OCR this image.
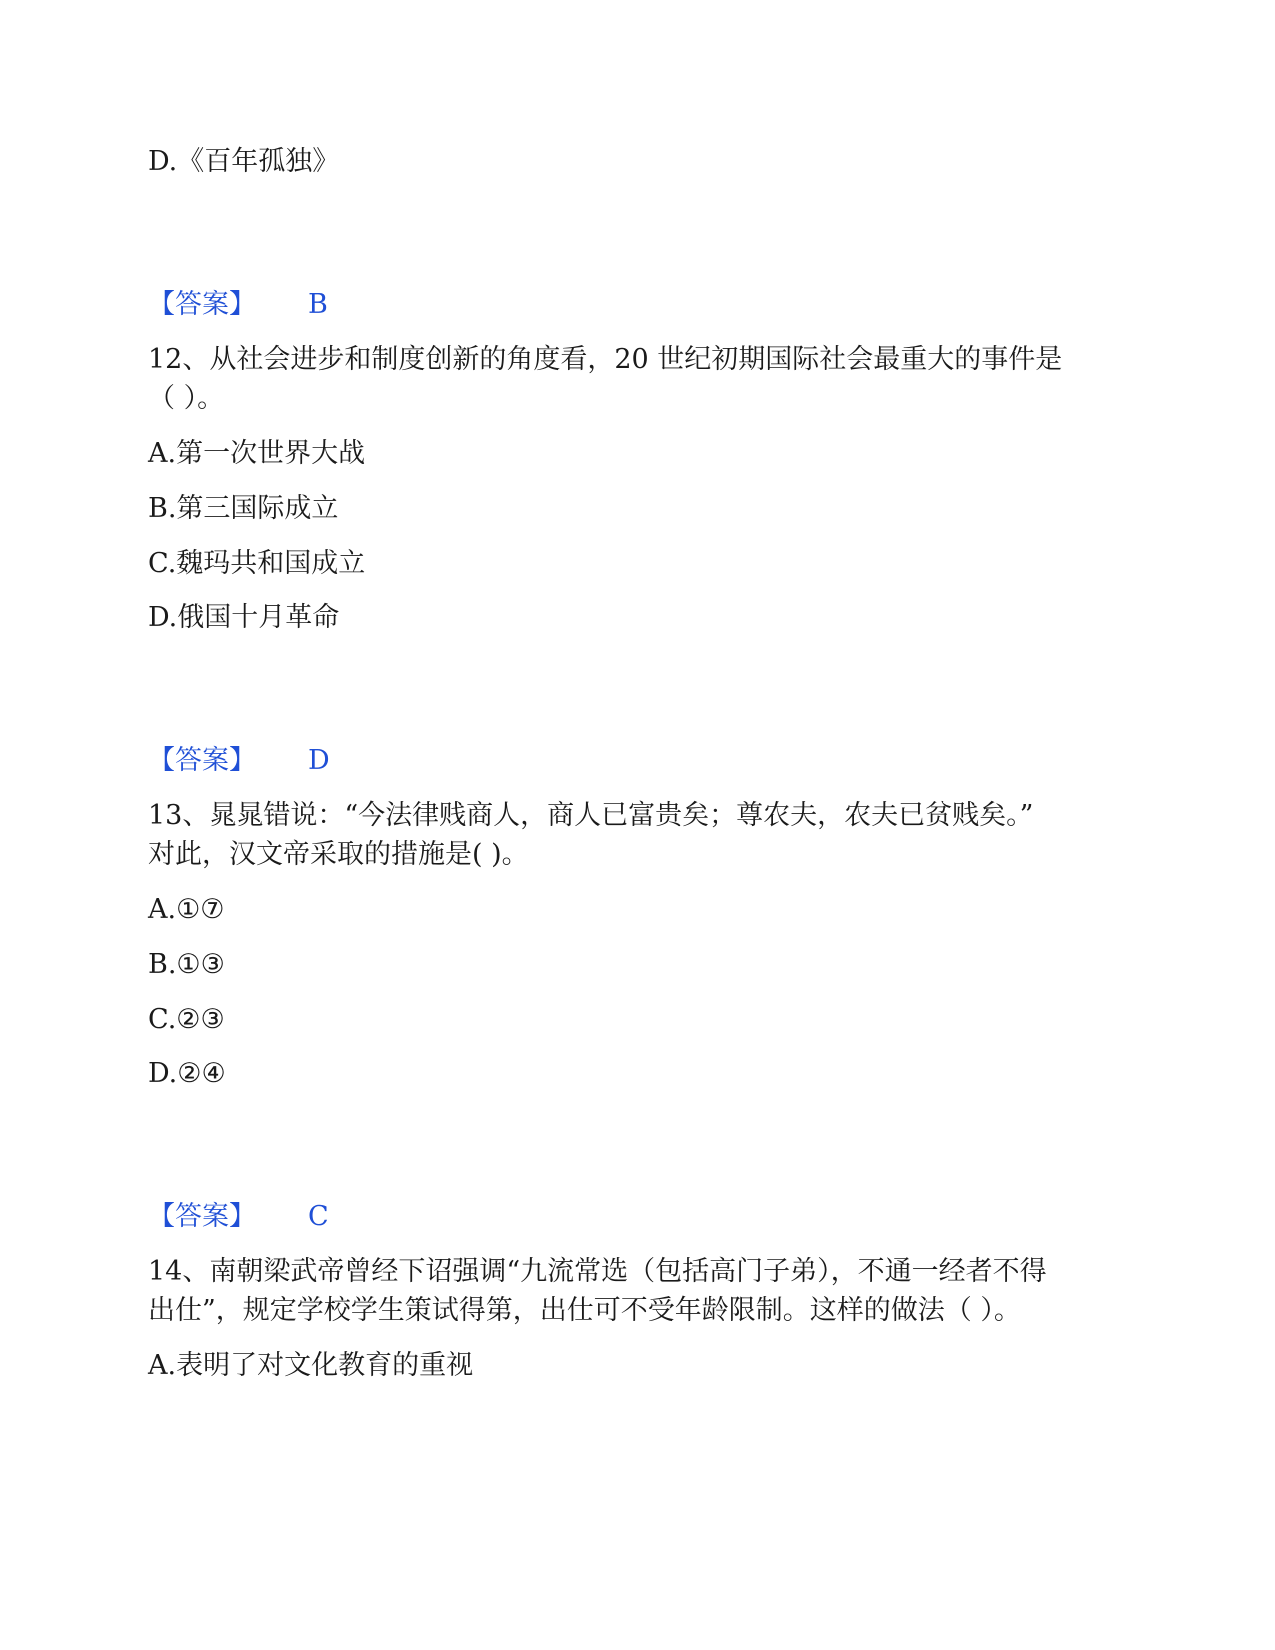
D.《百年孤独》
【答案】 B
12、从社会进步和制度创新的角度看，20 世纪初期国际社会最重大的事件是
（ ）。
A.第一次世界大战
B.第三国际成立
C.魏玛共和国成立
D.俄国十月革命
【答案】 D
13、晁晁错说：“今法律贱商人，商人已富贵矣；尊农夫，农夫已贫贱矣。”
对此，汉文帝采取的措施是( )。
A.①⑦
B.①③
C.②③
D.②④
【答案】 C
14、南朝梁武帝曾经下诏强调“九流常选（包括高门子弟），不通一经者不得
出仕”，规定学校学生策试得第，出仕可不受年龄限制。这样的做法（ ）。
A.表明了对文化教育的重视
